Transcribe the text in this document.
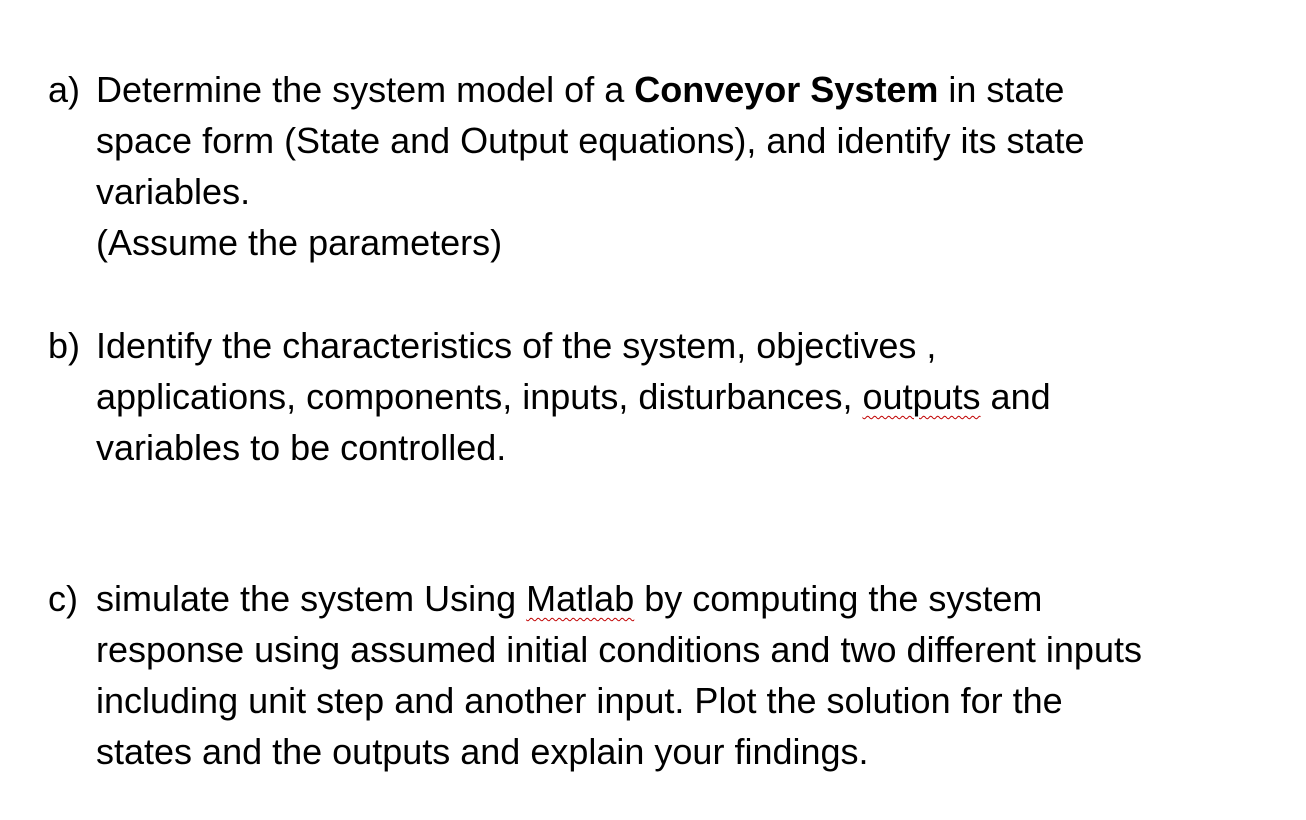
a) Determine the system model of a Conveyor System in state
space form (State and Output equations), and identify its state
variables.
(Assume the parameters)
b) Identify the characteristics of the system, objectives ,
applications, components, inputs, disturbances, outputs and
variables to be controlled.
c) simulate the system Using Matlab by computing the system
response using assumed initial conditions and two different inputs
including unit step and another input. Plot the solution for the
states and the outputs and explain your findings.
